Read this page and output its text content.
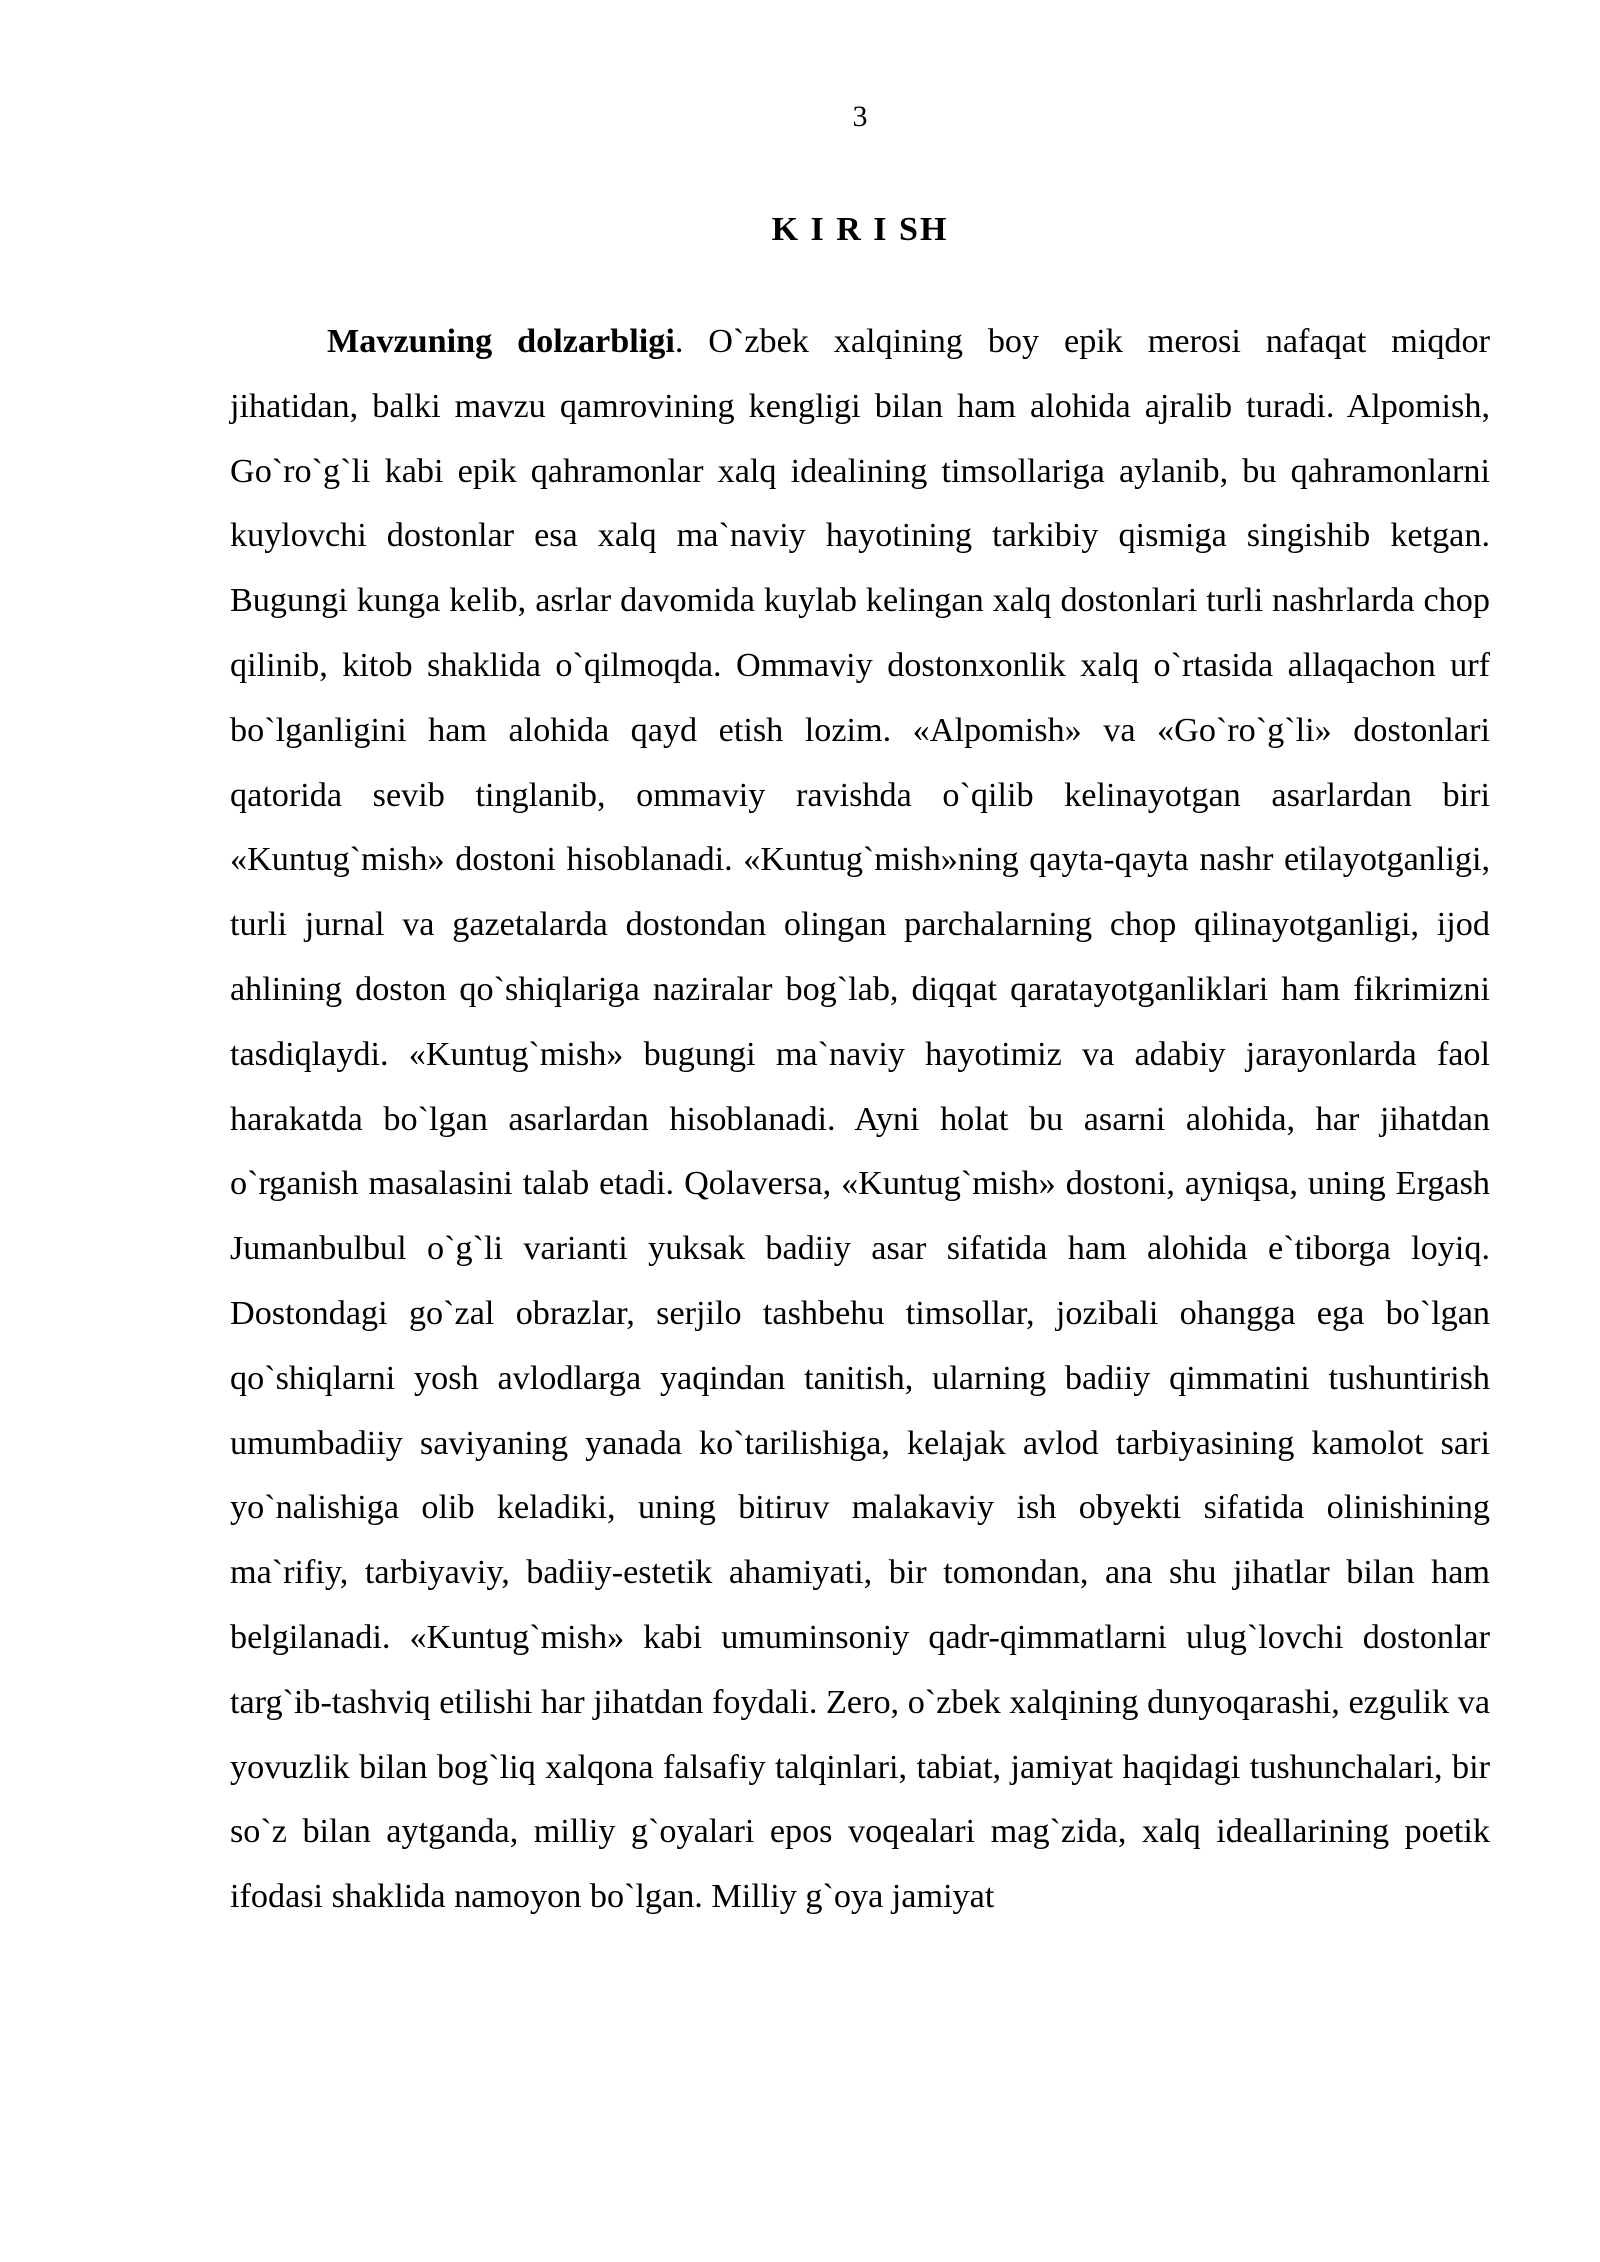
3
K I R I SH

Mavzuning dolzarbligi. O`zbek xalqining boy epik merosi nafaqat miqdor jihatidan, balki mavzu qamrovining kengligi bilan ham alohida ajralib turadi. Alpomish, Go`ro`g`li kabi epik qahramonlar xalq idealining timsollariga aylanib, bu qahramonlarni kuylovchi dostonlar esa xalq ma`naviy hayotining tarkibiy qismiga singishib ketgan. Bugungi kunga kelib, asrlar davomida kuylab kelingan xalq dostonlari turli nashrlarda chop qilinib, kitob shaklida o`qilmoqda. Ommaviy dostonxonlik xalq o`rtasida allaqachon urf bo`lganligini ham alohida qayd etish lozim. «Alpomish» va «Go`ro`g`li» dostonlari qatorida sevib tinglanib, ommaviy ravishda o`qilib kelinayotgan asarlardan biri «Kuntug`mish» dostoni hisoblanadi. «Kuntug`mish»ning qayta-qayta nashr etilayotganligi, turli jurnal va gazetalarda dostondan olingan parchalarning chop qilinayotganligi, ijod ahlining doston qo`shiqlariga naziralar bog`lab, diqqat qaratayotganliklari ham fikrimizni tasdiqlaydi. «Kuntug`mish» bugungi ma`naviy hayotimiz va adabiy jarayonlarda faol harakatda bo`lgan asarlardan hisoblanadi. Ayni holat bu asarni alohida, har jihatdan o`rganish masalasini talab etadi. Qolaversa, «Kuntug`mish» dostoni, ayniqsa, uning Ergash Jumanbulbul o`g`li varianti yuksak badiiy asar sifatida ham alohida e`tiborga loyiq. Dostondagi go`zal obrazlar, serjilo tashbehu timsollar, jozibali ohangga ega bo`lgan qo`shiqlarni yosh avlodlarga yaqindan tanitish, ularning badiiy qimmatini tushuntirish umumbadiiy saviyaning yanada ko`tarilishiga, kelajak avlod tarbiyasining kamolot sari yo`nalishiga olib keladiki, uning bitiruv malakaviy ish obyekti sifatida olinishining ma`rifiy, tarbiyaviy, badiiy-estetik ahamiyati, bir tomondan, ana shu jihatlar bilan ham belgilanadi. «Kuntug`mish» kabi umuminsoniy qadr-qimmatlarni ulug`lovchi dostonlar targ`ib-tashviq etilishi har jihatdan foydali. Zero, o`zbek xalqining dunyoqarashi, ezgulik va yovuzlik bilan bog`liq xalqona falsafiy talqinlari, tabiat, jamiyat haqidagi tushunchalari, bir so`z bilan aytganda, milliy g`oyalari epos voqealari mag`zida, xalq ideallarining poetik ifodasi shaklida namoyon bo`lgan. Milliy g`oya jamiyat
